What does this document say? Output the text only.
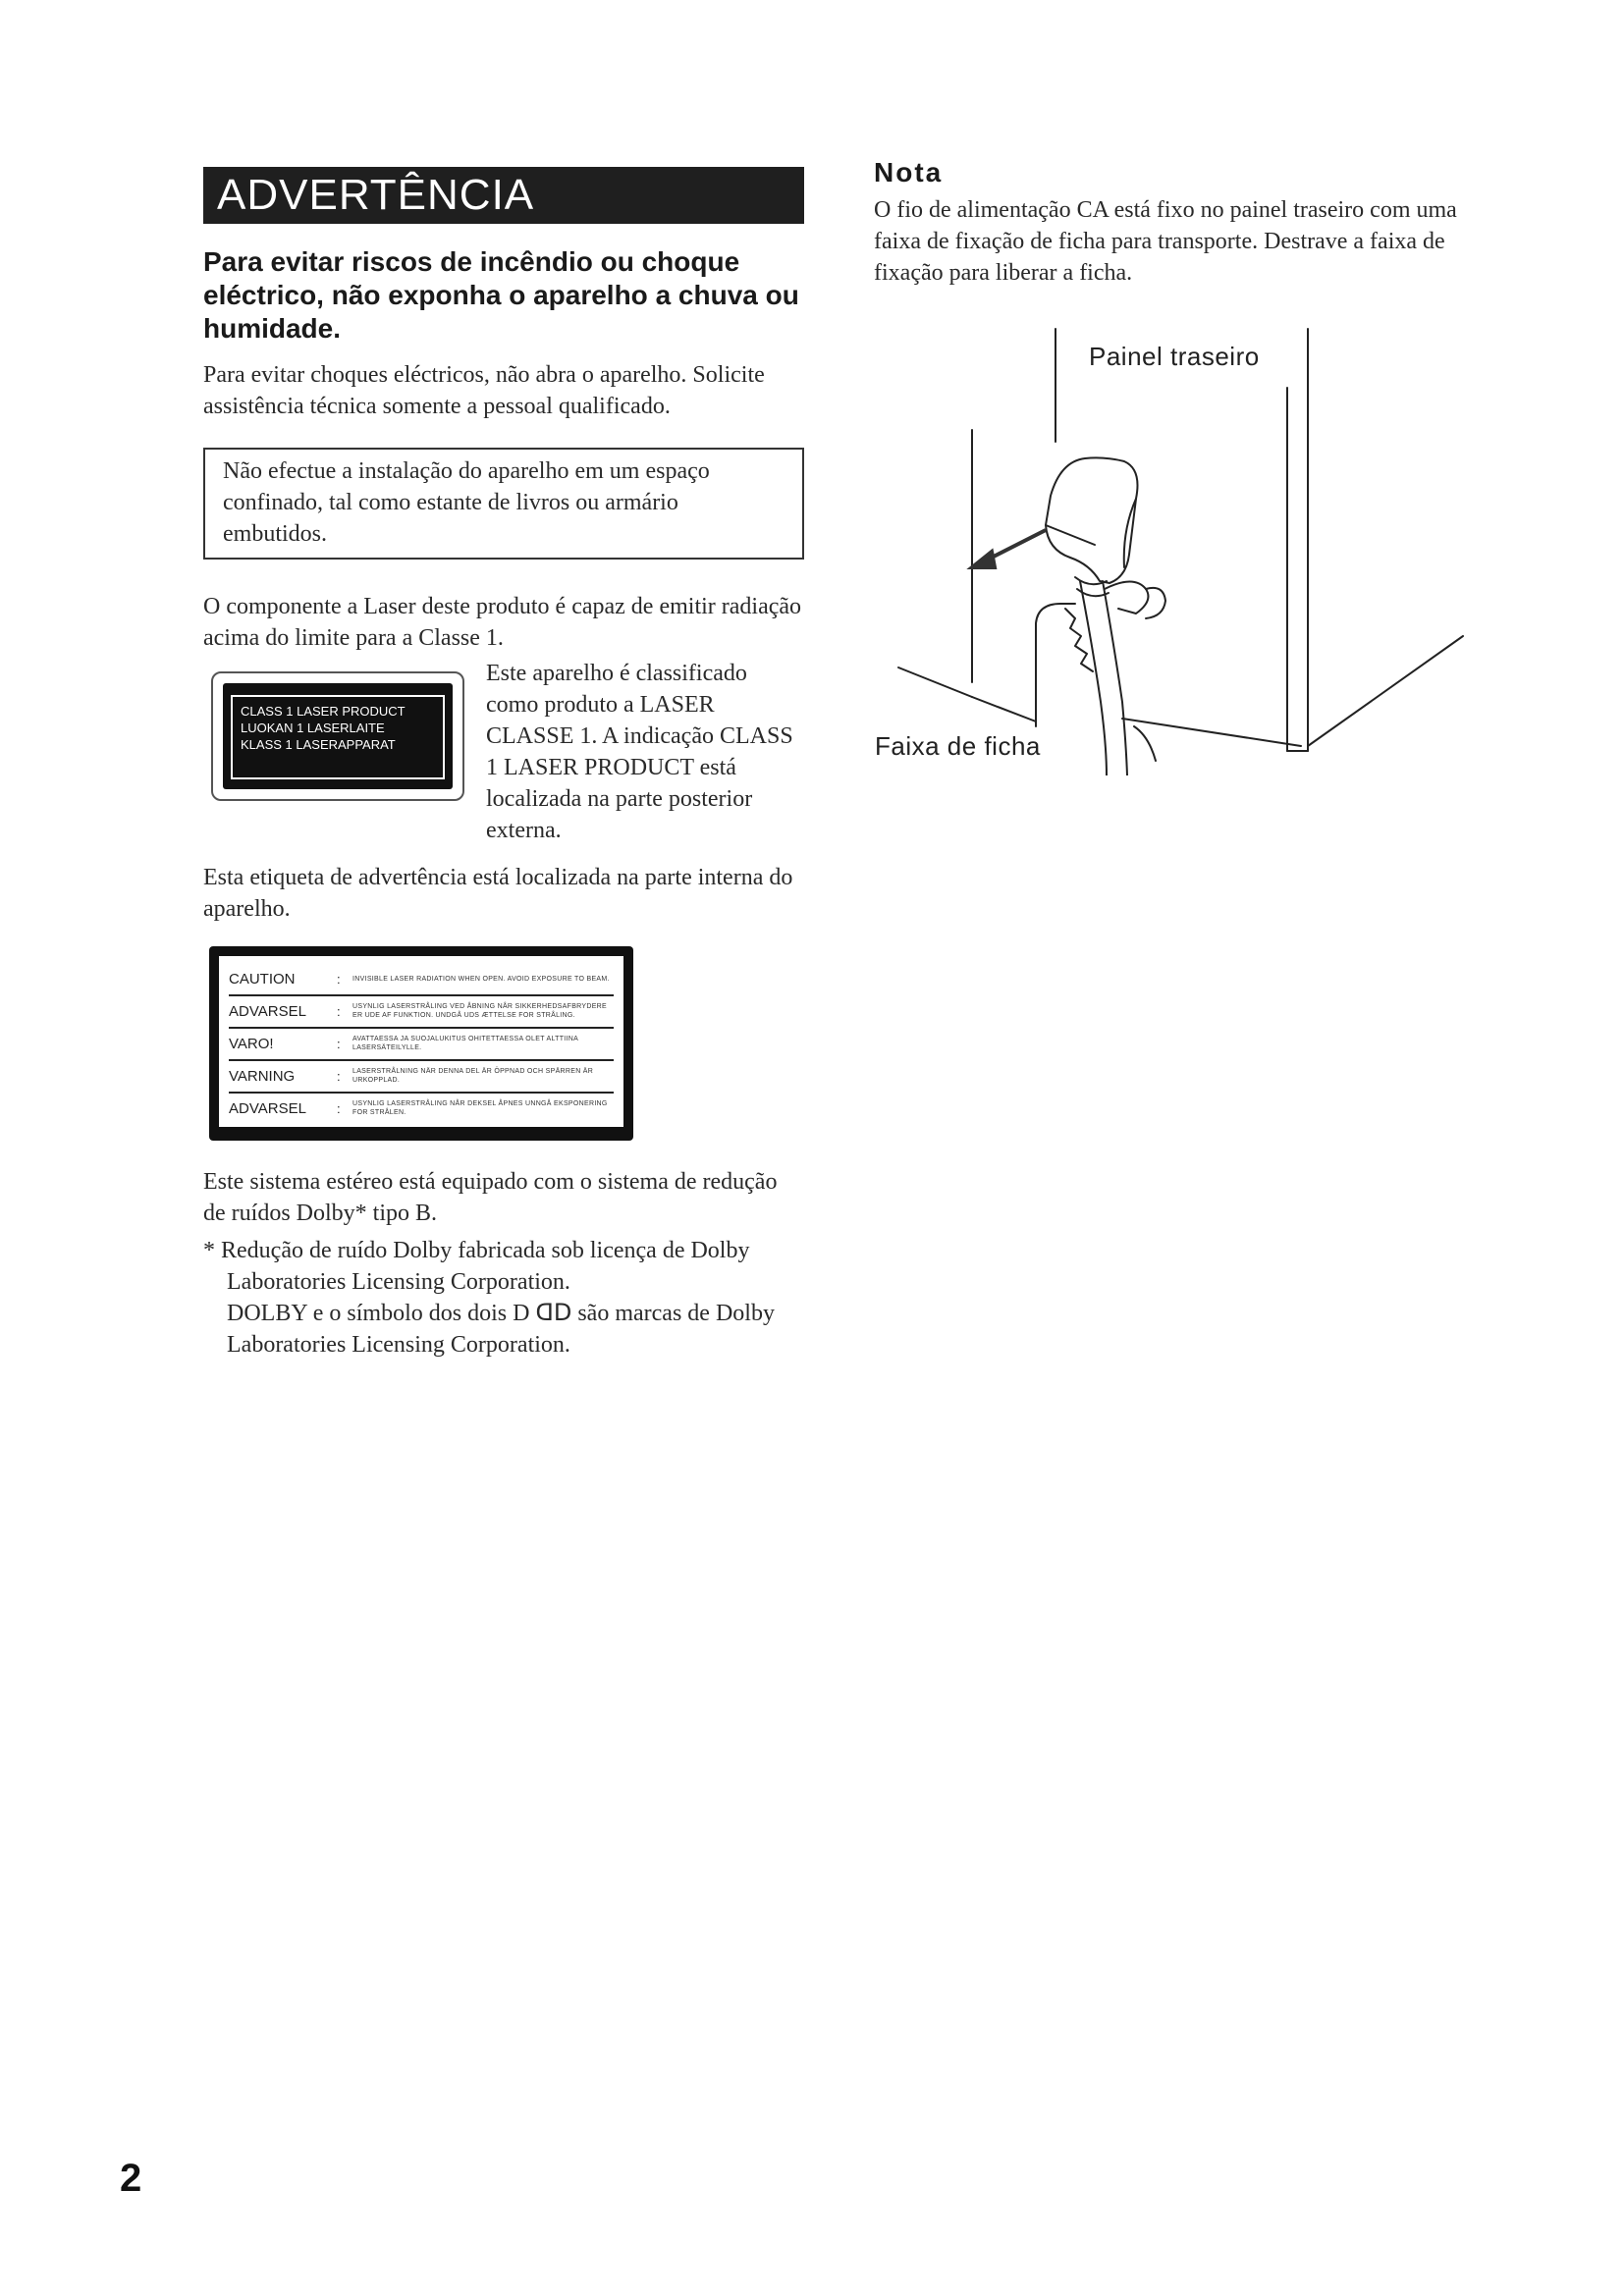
ADVERTÊNCIA
Para evitar riscos de incêndio ou choque eléctrico, não exponha o aparelho a chuva ou humidade.
Para evitar choques eléctricos, não abra o aparelho. Solicite assistência técnica somente a pessoal qualificado.
Não efectue a instalação do aparelho em um espaço confinado, tal como estante de livros ou armário embutidos.
O componente a Laser deste produto é capaz de emitir radiação acima do limite para a Classe 1.
CLASS 1 LASER PRODUCT
LUOKAN 1 LASERLAITE
KLASS 1 LASERAPPARAT
Este aparelho é classificado como produto a LASER CLASSE 1. A indicação CLASS 1 LASER PRODUCT está localizada na parte posterior externa.
Esta etiqueta de advertência está localizada na parte interna do aparelho.
CAUTION	:	INVISIBLE LASER RADIATION WHEN OPEN. AVOID EXPOSURE TO BEAM.
ADVARSEL	:	USYNLIG LASERSTRÅLING VED ÅBNING NÅR SIKKERHEDSAFBRYDERE ER UDE AF FUNKTION. UNDGÅ UDS ÆTTELSE FOR STRÅLING.
VARO!	:	AVATTAESSA JA SUOJALUKITUS OHITETTAESSA OLET ALTTIINA LASERSÄTEILYLLE.
VARNING	:	LASERSTRÅLNING NÄR DENNA DEL ÄR ÖPPNAD OCH SPÄRREN ÄR URKOPPLAD.
ADVARSEL	:	USYNLIG LASERSTRÅLING NÅR DEKSEL ÅPNES UNNGÅ EKSPONERING FOR STRÅLEN.
Este sistema estéreo está equipado com o sistema de redução de ruídos Dolby* tipo B.
* Redução de ruído Dolby fabricada sob licença de Dolby Laboratories Licensing Corporation.
DOLBY e o símbolo dos dois D ᗡᗞ são marcas de Dolby Laboratories Licensing Corporation.
Nota
O fio de alimentação CA está fixo no painel traseiro com uma faixa de fixação de ficha para transporte. Destrave a faixa de fixação para liberar a ficha.
Painel traseiro
Faixa de ficha
2
